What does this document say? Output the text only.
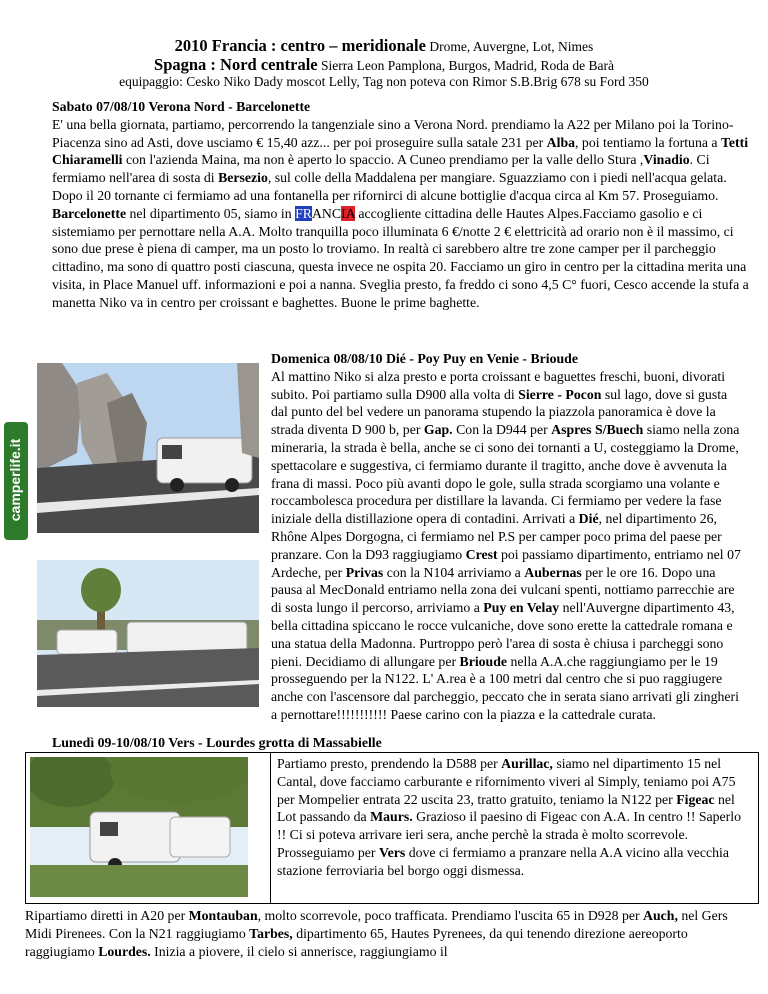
2010 Francia : centro – meridionale Drome, Auvergne, Lot, Nimes
Spagna : Nord centrale Sierra Leon Pamplona, Burgos, Madrid, Roda de Barà
equipaggio: Cesko Niko Dady moscot Lelly, Tag non poteva con Rimor S.B.Brig 678 su Ford 350

Sabato 07/08/10 Verona Nord - Barcelonette

E' una bella giornata, partiamo, percorrendo la tangenziale sino a Verona Nord. prendiamo la A22 per Milano poi la Torino-Piacenza sino ad Asti, dove usciamo € 15,40 azz... per poi proseguire sulla satale 231 per Alba, poi tentiamo la fortuna a Tetti Chiaramelli con l'azienda Maina, ma non è aperto lo spaccio. A Cuneo prendiamo per la valle dello Stura ,Vinadio. Ci fermiamo nell'area di sosta di Bersezio, sul colle della Maddalena per mangiare. Sguazziamo con i piedi nell'acqua gelata. Dopo il 20 tornante ci fermiamo ad una fontanella per rifornirci di alcune bottiglie d'acqua circa al Km 57. Proseguiamo.

Barcelonette nel dipartimento 05, siamo in FRANCIA accogliente cittadina delle Hautes Alpes.Facciamo gasolio e ci sistemiamo per pernottare nella A.A. Molto tranquilla poco illuminata 6 €/notte 2 € elettricità ad orario non è il massimo, ci sono due prese è piena di camper, ma un posto lo troviamo. In realtà ci sarebbero altre tre zone camper per il parcheggio cittadino, ma sono di quattro posti ciascuna, questa invece ne ospita 20. Facciamo un giro in centro per la cittadina merita una visita, in Place Manuel uff. informazioni e poi a nanna. Sveglia presto, fa freddo ci sono 4,5 C° fuori, Cesco accende la stufa a manetta Niko va in centro per croissant e baghettes. Buone le prime baghette.

camperlife.it

Domenica 08/08/10 Dié - Poy Puy en Venie - Brioude

Al mattino Niko si alza presto e porta croissant e baguettes freschi, buoni, divorati subito. Poi partiamo sulla D900 alla volta di Sierre - Pocon sul lago, dove si gusta dal punto del bel vedere un panorama stupendo la piazzola panoramica è dove la strada diventa D 900 b, per Gap. Con la D944 per Aspres S/Buech siamo nella zona mineraria, la strada è bella, anche se ci sono dei tornanti a U, costeggiamo la Drome, spettacolare e suggestiva, ci fermiamo durante il tragitto, anche dove è avvenuta la frana di massi. Poco più avanti dopo le gole, sulla strada scorgiamo una volante e roccambolesca procedura per distillare la lavanda. Ci fermiamo per vedere la fase iniziale della distillazione opera di contadini. Arrivati a Dié, nel dipartimento 26, Rhône Alpes Dorgogna, ci fermiamo nel P.S per camper poco prima del paese per pranzare. Con la D93 raggiugiamo Crest poi passiamo dipartimento, entriamo nel 07 Ardeche, per Privas con la N104 arriviamo a Aubernas per le ore 16. Dopo una pausa al MecDonald entriamo nella zona dei vulcani spenti, nottiamo parrecchie are di sosta lungo il percorso, arriviamo a Puy en Velay nell'Auvergne dipartimento 43, bella cittadina spiccano le rocce vulcaniche, dove sono erette la cattedrale romana e una statua della Madonna. Purtroppo però l'area di sosta è chiusa i parcheggi sono pieni. Decidiamo di allungare per Brioude nella A.A.che raggiungiamo per le 19 prosseguendo per la N122. L' A.rea è a 100 metri dal centro che si puo raggiugere anche con l'ascensore dal parcheggio, peccato che in serata siano arrivati gli zingheri a pernottare!!!!!!!!!!! Paese carino con la piazza e la cattedrale curata.

Lunedì 09-10/08/10 Vers - Lourdes grotta di Massabielle

Partiamo presto, prendendo la D588 per Aurillac, siamo nel dipartimento 15 nel Cantal, dove facciamo carburante e rifornimento viveri al Simply, teniamo poi A75 per Mompelier entrata 22 uscita 23, tratto gratuito, teniamo la N122 per Figeac nel Lot passando da Maurs. Grazioso il paesino di Figeac con A.A. In centro !! Saperlo !! Ci si poteva arrivare ieri sera, anche perchè la strada è molto scorrevole. Prosseguiamo per Vers dove ci fermiamo a pranzare nella A.A vicino alla vecchia stazione ferroviaria bel borgo oggi dismessa.

Ripartiamo diretti in A20 per Montauban, molto scorrevole, poco trafficata. Prendiamo l'uscita 65 in D928 per Auch, nel Gers Midi Pirenees. Con la N21 raggiugiamo Tarbes, dipartimento 65, Hautes Pyrenees, da qui tenendo direzione aereoporto raggiugiamo Lourdes. Inizia a piovere, il cielo si annerisce, raggiungiamo il
